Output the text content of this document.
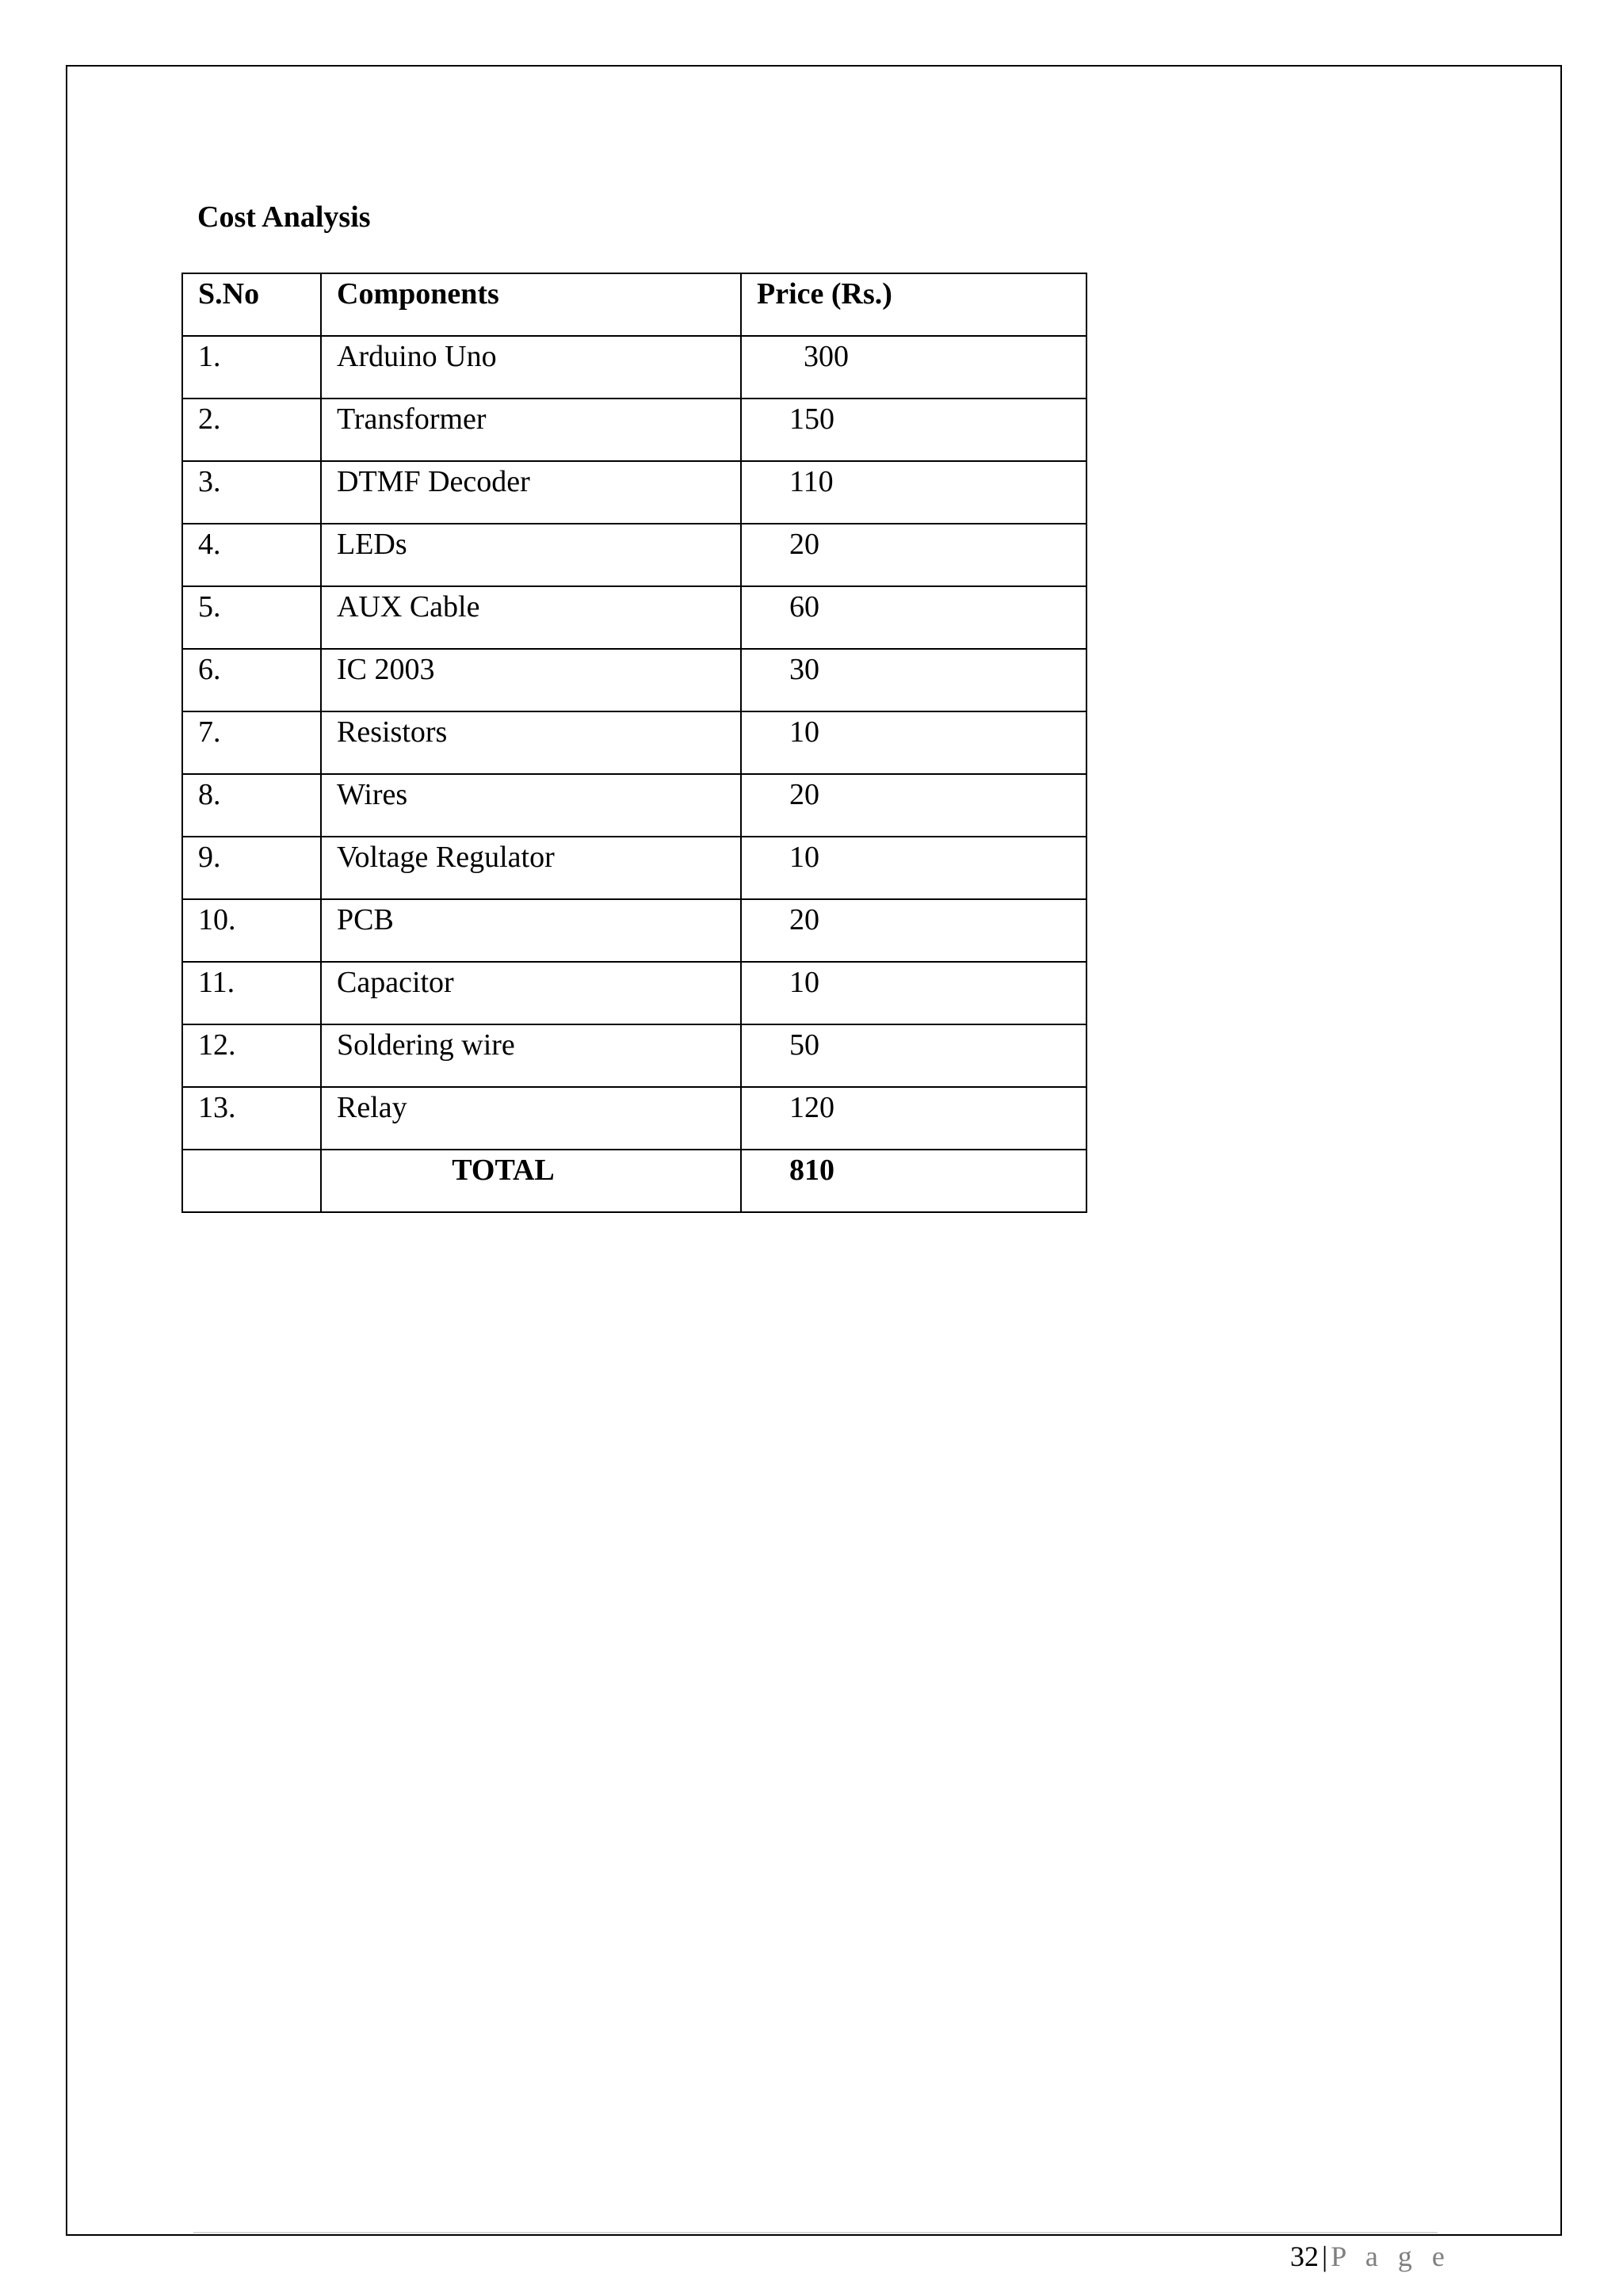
Cost Analysis
S.No	Components	Price (Rs.)
1.	Arduino Uno	300
2.	Transformer	150
3.	DTMF Decoder	110
4.	LEDs	20
5.	AUX Cable	60
6.	IC 2003	30
7.	Resistors	10
8.	Wires	20
9.	Voltage Regulator	10
10.	PCB	20
11.	Capacitor	10
12.	Soldering wire	50
13.	Relay	120
	TOTAL	810
32 | P a g e
